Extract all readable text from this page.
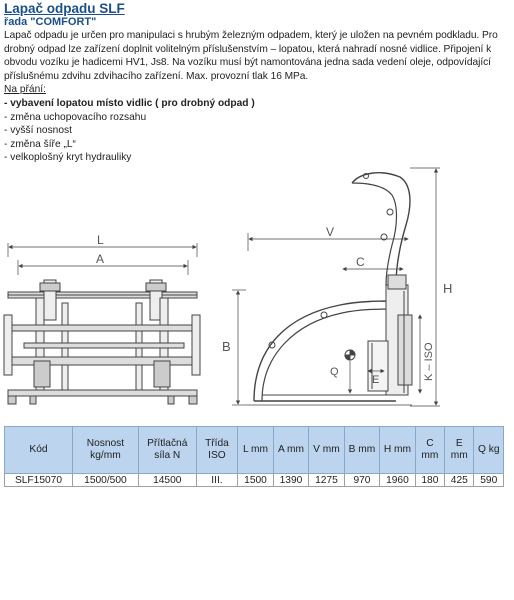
Lapač odpadu SLF
řada "COMFORT"
Lapač odpadu je určen pro manipulaci s hrubým železným odpadem, který je uložen na pevném podkladu. Pro drobný odpad lze zařízení doplnit volitelným příslušenstvím – lopatou, která nahradí nosné vidlice. Připojení k obvodu vozíku je hadicemi HV1, Js8. Na vozíku musí být namontována jedna sada vedení oleje, odpovídající příslušnému zdvihu zdvihacího zařízení. Max. provozní tlak 16 MPa.
Na přání:
- vybavení lopatou místo vidlic ( pro drobný odpad )
- změna uchopovacího rozsahu
- vyšší nosnost
- změna šíře „L“
- velkoplošný kryt hydrauliky
L
A
V
C
H
B
Q
E	K – ISO
Kód	Nosnost kg/mm	Přítlačná síla N	Třída ISO	L mm	A mm	V mm	B mm	H mm	C mm	E mm	Q kg
SLF15070	1500/500	14500	III.	1500	1390	1275	970	1960	180	425	590
